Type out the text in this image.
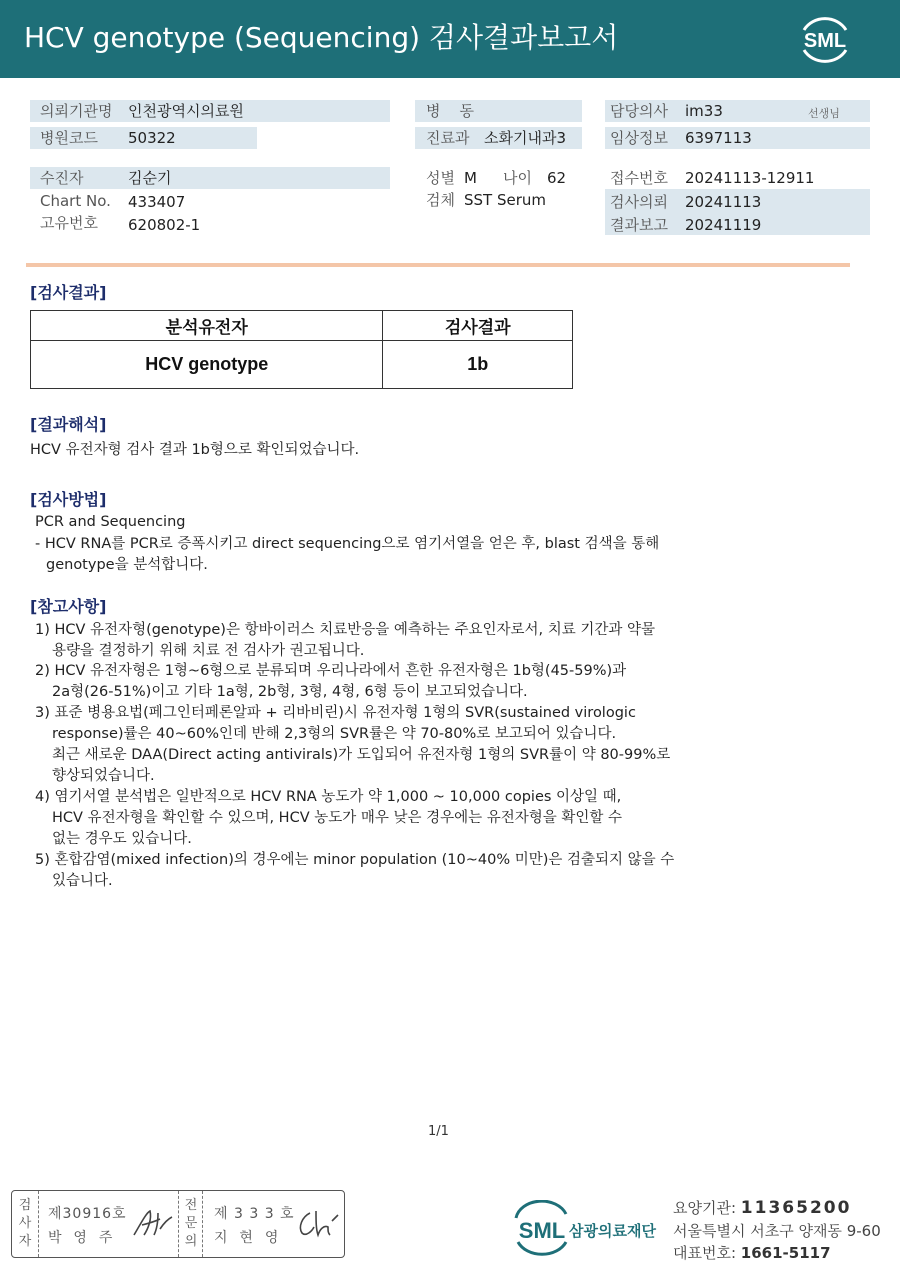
HCV genotype (Sequencing) 검사결과보고서	SML
의뢰기관명 인천광역시의료원
병원코드 50322
수진자	김순기
Chart No. 433407
고유번호 620802-1
병    동
진료과 소화기내과3
성별 M 나이 62
검체 SST Serum
담당의사 im33	선생님
임상정보 6397113
접수번호 20241113-12911
검사의뢰 20241113
결과보고 20241119
[검사결과]
분석유전자	검사결과
HCV genotype	1b
[결과해석]
HCV 유전자형 검사 결과 1b형으로 확인되었습니다.
[검사방법]
PCR and Sequencing
- HCV RNA를 PCR로 증폭시키고 direct sequencing으로 염기서열을 얻은 후, blast 검색을 통해
genotype을 분석합니다.
[참고사항]
1) HCV 유전자형(genotype)은 항바이러스 치료반응을 예측하는 주요인자로서, 치료 기간과 약물
용량을 결정하기 위해 치료 전 검사가 권고됩니다.
2) HCV 유전자형은 1형~6형으로 분류되며 우리나라에서 흔한 유전자형은 1b형(45-59%)과
2a형(26-51%)이고 기타 1a형, 2b형, 3형, 4형, 6형 등이 보고되었습니다.
3) 표준 병용요법(페그인터페론알파 + 리바비린)시 유전자형 1형의 SVR(sustained virologic
response)률은 40~60%인데 반해 2,3형의 SVR률은 약 70-80%로 보고되어 있습니다.
최근 새로운 DAA(Direct acting antivirals)가 도입되어 유전자형 1형의 SVR률이 약 80-99%로
향상되었습니다.
4) 염기서열 분석법은 일반적으로 HCV RNA 농도가 약 1,000 ~ 10,000 copies 이상일 때,
HCV 유전자형을 확인할 수 있으며, HCV 농도가 매우 낮은 경우에는 유전자형을 확인할 수
없는 경우도 있습니다.
5) 혼합감염(mixed infection)의 경우에는 minor population (10~40% 미만)은 검출되지 않을 수
있습니다.
1/1
검사자
제30916호
박  영  주
전문의
제 3 3 3 호
지  현  영	SML 삼광의료재단
요양기관: 11365200
서울특별시 서초구 양재동 9-60
대표번호: 1661-5117
